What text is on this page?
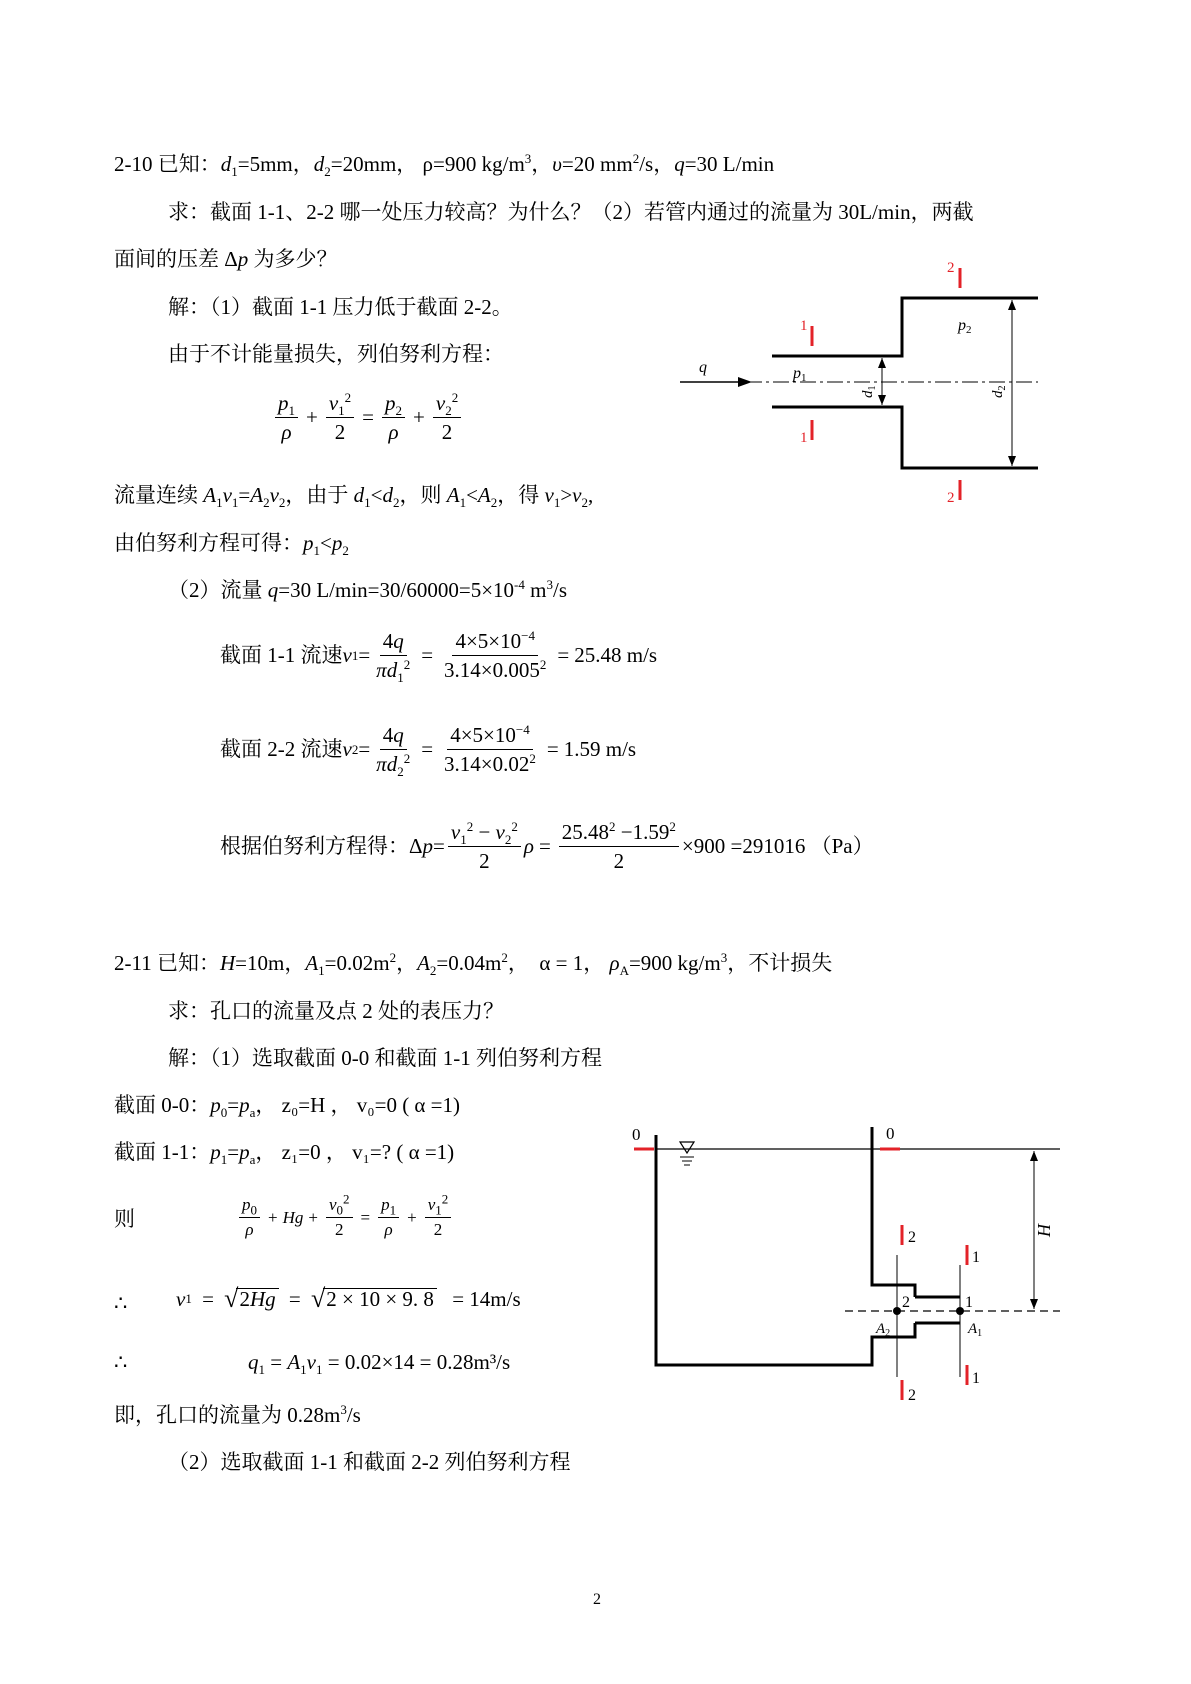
2-10 已知：$d_1=5mm$，$d_2=20mm$， ρ=900 $kg/m^3$，υ=20 $mm^2/s$，q=30 L/min
求：截面 1-1、2-2 哪一处压力较高？为什么？（2）若管内通过的流量为 30L/min，两截
面间的压差 Δp 为多少？
解：（1）截面 1-1 压力低于截面 2-2。
由于不计能量损失，列伯努利方程：
$\frac{p_1}{\rho} + \frac{v_1^2}{2} = \frac{p_2}{\rho} + \frac{v_2^2}{2}$
流量连续 $A_1v_1=A_2v_2$，由于 $d_1<d_2$，则 $A_1<A_2$，得 $v_1>v_2$,
由伯努利方程可得：$p_1<p_2$
（2）流量 q=30 $L/\min=30/60000=5\times 10^{-4}$ $m^3/s$
截面 1-1 流速 v $1 = \frac{4q}{\pi d_1^2} = \frac{4\times 5\times 10^{-4}}{3.14\times 0.005^2} = 25.48$ m/s
截面 2-2 流速 v $2 = \frac{4q}{\pi d_2^2} = \frac{4\times 5\times 10^{-4}}{3.14\times 0.02^2} = 1.59$ m/s
根据伯努利方程得：Δ $p = \frac{v_1^2 - v_2^2}{2}$ $\rho = \frac{25.48^2 -1.59^2}{2} \times 900 =291016$ （Pa）
1
1
2
2
q	p1
p2
$d_1$
$d_2$
2-11 已知：H=10m，$A_1=0.02m^2$，$A_2=0.04m^2$，  α = 1， $\rho_A=900$ $kg/m^3$，不计损失
求：孔口的流量及点 2 处的表压力？
解：（1）选取截面 0-0 和截面 1-1 列伯努利方程
截面 0-0：$p_0=p_a$， z₀=H ， v₀=0 ( α =1)
截面 1-1：$p_1=p_a$， z₁=0 ， v₁=? ( α =1)
则	$\frac{p_0}{\rho} + Hg + \frac{v_0^2}{2} = \frac{p_1}{\rho} + \frac{v_1^2}{2}$
∴ v 1 = √ 2Hg = √ 2 × 10 × 9. 8
= 14m/s
∴	$q_1 = A_1v_1 = 0.02\times 14 = 0.28m^3/s$
即，孔口的流量为 $0.28m^3/s$
（2）选取截面 1-1 和截面 2-2 列伯努利方程
0	0
H
2
2
1
1
2	1
$A_2$	$A_1$
2
